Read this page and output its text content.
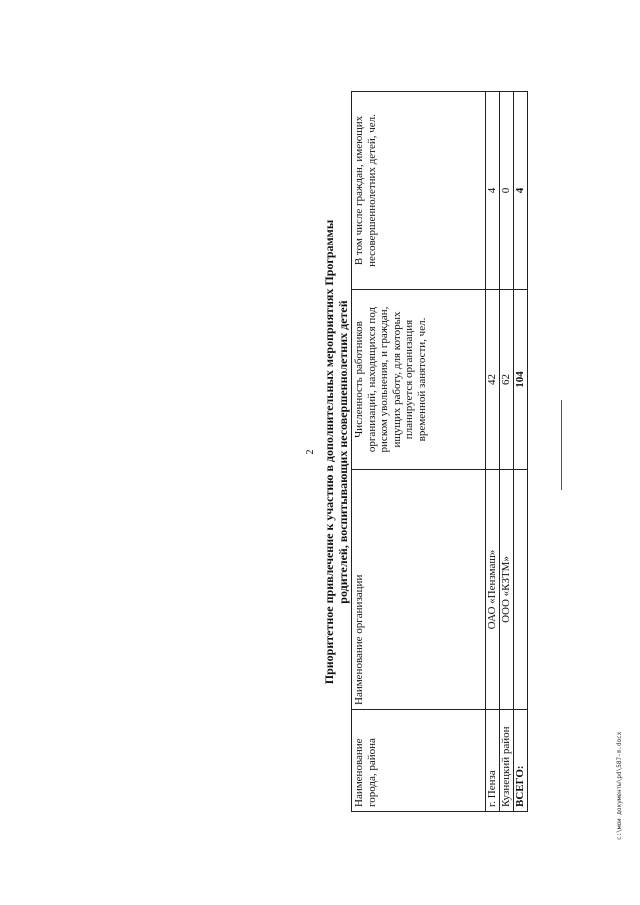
2 Приоритетное привлечение к участию в дополнительных мероприятиях Программы родителей, воспитывающих несовершеннолетних детей
Наименование города, района	Наименование организации	Численность работников организаций, находящихся под риском увольнения, и граждан, ищущих работу, для которых планируется организация временной занятости, чел.	В том числе граждан, имеющих несовершеннолетних детей, чел.
г. Пенза	ОАО «Пензмаш»	42	4
Кузнецкий район	ООО «КЗТМ»	62	0
ВСЕГО:		104	4
c:\мои документы\pd\587-m.docx
